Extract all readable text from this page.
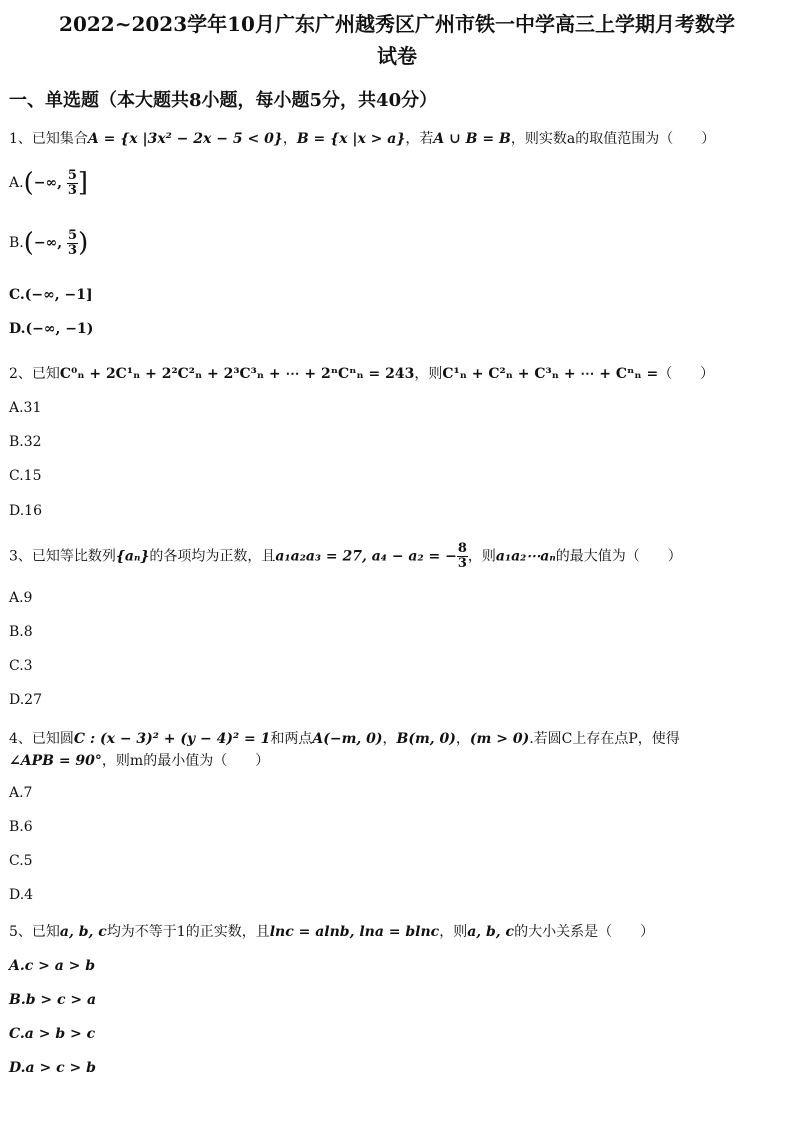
2022~2023学年10月广东广州越秀区广州市铁一中学高三上学期月考数学
试卷
一、单选题（本大题共8小题，每小题5分，共40分）
1、已知集合A = {x |3x² − 2x − 5 < 0}，B = {x |x > a}，若A ∪ B = B，则实数a的取值范围为（　　）
A.(−∞, $\frac{5}{3}$ ]
B.(−∞, $\frac{5}{3}$ )
C.(−∞, −1]
D.(−∞, −1)
2、已知C⁰ₙ + 2C¹ₙ + 2²C²ₙ + 2³C³ₙ + ⋯ + 2ⁿCⁿₙ = 243，则C¹ₙ + C²ₙ + C³ₙ + ⋯ + Cⁿₙ =（　　）
A.31
B.32
C.15
D.16
3、已知等比数列{aₙ}的各项均为正数，且a₁a₂a₃ = 27, a₄ − a₂ = − $\frac{8}{3}$ ，则a₁a₂⋯aₙ的最大值为（　　）
A.9
B.8
C.3
D.27
4、已知圆C : (x − 3)² + (y − 4)² = 1和两点A(−m, 0)，B(m, 0)，(m > 0).若圆C上存在点P，使得
∠APB = 90°，则m的最小值为（　　）
A.7
B.6
C.5
D.4
5、已知a, b, c均为不等于1的正实数，且lnc = alnb, lna = blnc，则a, b, c的大小关系是（　　）
A.c > a > b
B.b > c > a
C.a > b > c
D.a > c > b
